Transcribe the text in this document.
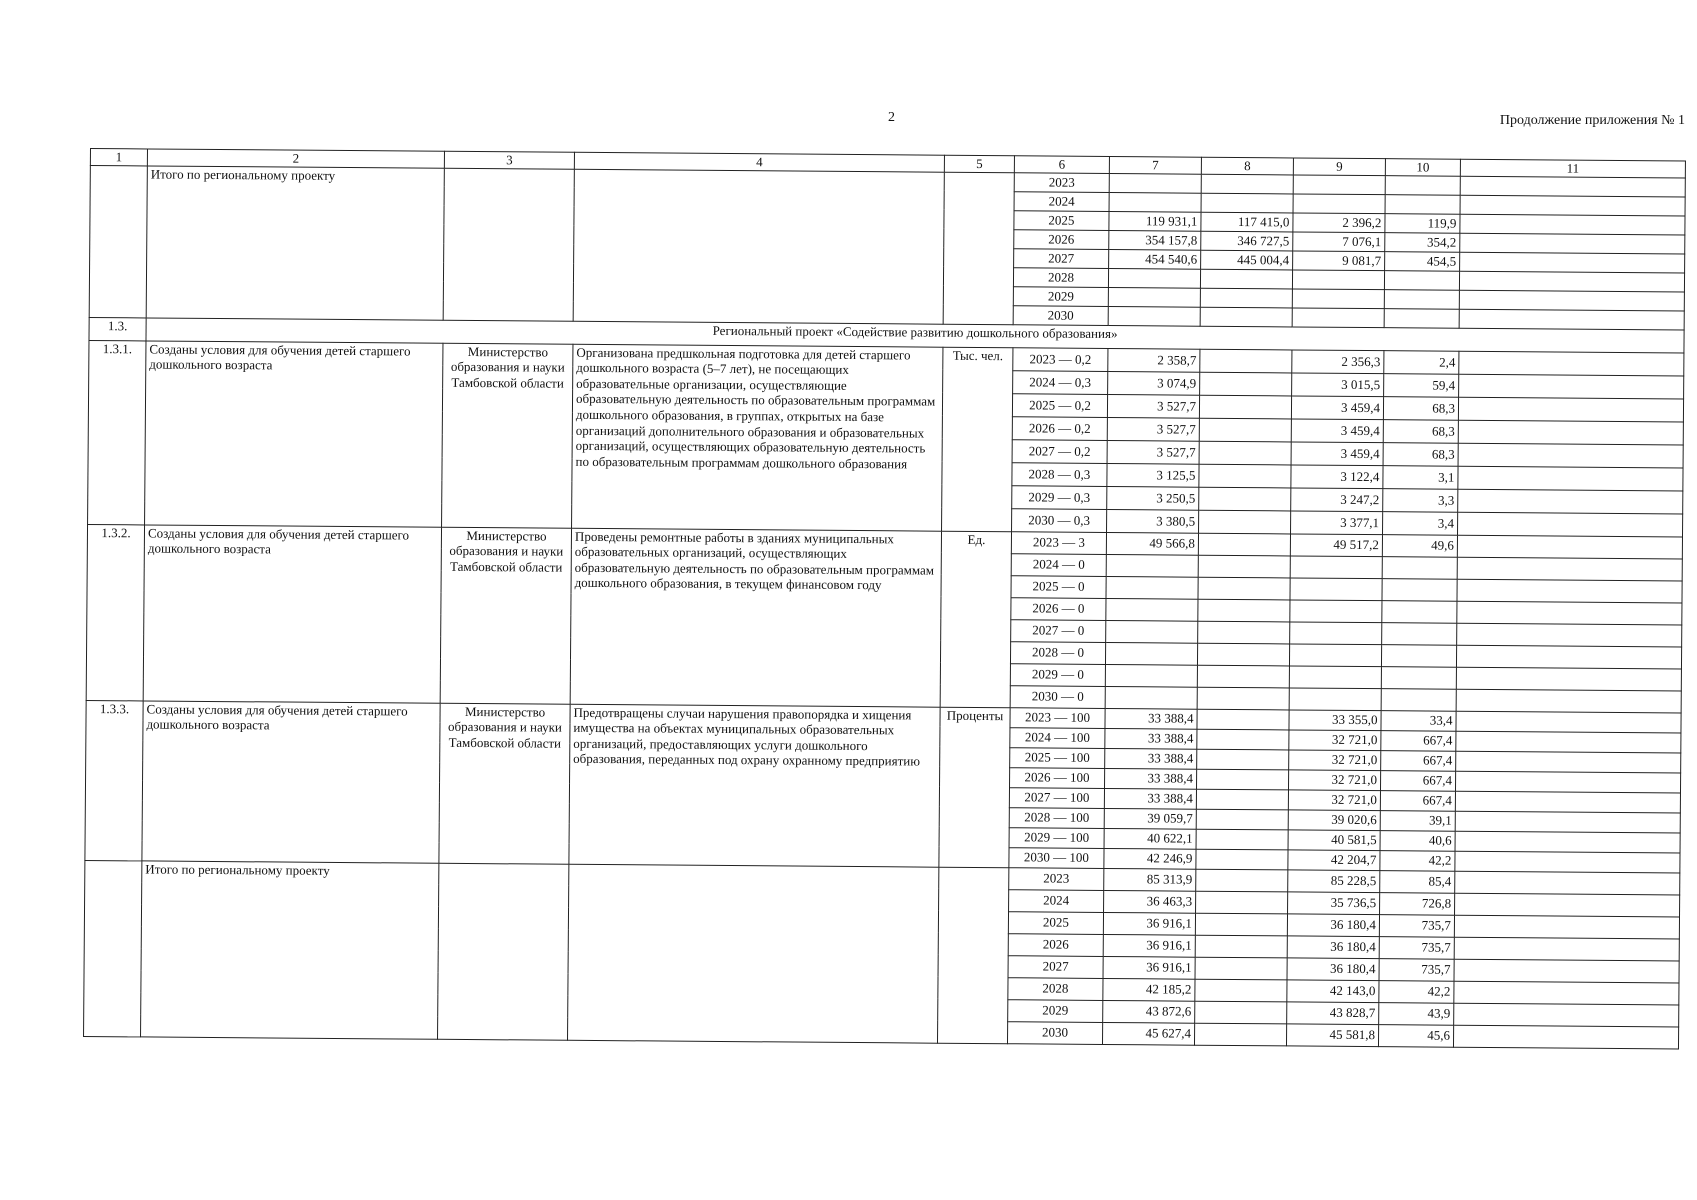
2	Продолжение приложения № 1
1	2	3	4	5	6	7	8	9	10	11
	Итого по региональному проекту				2023					
					2024					
					2025	119 931,1	117 415,0	2 396,2	119,9	
					2026	354 157,8	346 727,5	7 076,1	354,2	
					2027	454 540,6	445 004,4	9 081,7	454,5	
					2028					
					2029					
					2030					
1.3.	Региональный проект «Содействие развитию дошкольного образования»									
1.3.1.	Созданы условия для обучения детей старшего дошкольного возраста	Министерство образования и науки Тамбовской области	Организована предшкольная подготовка для детей старшего дошкольного возраста (5–7 лет), не посещающих образовательные организации, осуществляющие образовательную деятельность по образовательным программам дошкольного образования, в группах, открытых на базе организаций дополнительного образования и образовательных организаций, осуществляющих образовательную деятельность по образовательным программам дошкольного образования	Тыс. чел.	2023 — 0,2	2 358,7		2 356,3	2,4	
					2024 — 0,3	3 074,9		3 015,5	59,4	
					2025 — 0,2	3 527,7		3 459,4	68,3	
					2026 — 0,2	3 527,7		3 459,4	68,3	
					2027 — 0,2	3 527,7		3 459,4	68,3	
					2028 — 0,3	3 125,5		3 122,4	3,1	
					2029 — 0,3	3 250,5		3 247,2	3,3	
					2030 — 0,3	3 380,5		3 377,1	3,4	
1.3.2.	Созданы условия для обучения детей старшего дошкольного возраста	Министерство образования и науки Тамбовской области	Проведены ремонтные работы в зданиях муниципальных образовательных организаций, осуществляющих образовательную деятельность по образовательным программам дошкольного образования, в текущем финансовом году	Ед.	2023 — 3	49 566,8		49 517,2	49,6	
					2024 — 0					
					2025 — 0					
					2026 — 0					
					2027 — 0					
					2028 — 0					
					2029 — 0					
					2030 — 0					
1.3.3.	Созданы условия для обучения детей старшего дошкольного возраста	Министерство образования и науки Тамбовской области	Предотвращены случаи нарушения правопорядка и хищения имущества на объектах муниципальных образовательных организаций, предоставляющих услуги дошкольного образования, переданных под охрану охранному предприятию	Проценты	2023 — 100	33 388,4		33 355,0	33,4	
					2024 — 100	33 388,4		32 721,0	667,4	
					2025 — 100	33 388,4		32 721,0	667,4	
					2026 — 100	33 388,4		32 721,0	667,4	
					2027 — 100	33 388,4		32 721,0	667,4	
					2028 — 100	39 059,7		39 020,6	39,1	
					2029 — 100	40 622,1		40 581,5	40,6	
					2030 — 100	42 246,9		42 204,7	42,2	
	Итого по региональному проекту				2023	85 313,9		85 228,5	85,4	
					2024	36 463,3		35 736,5	726,8	
					2025	36 916,1		36 180,4	735,7	
					2026	36 916,1		36 180,4	735,7	
					2027	36 916,1		36 180,4	735,7	
					2028	42 185,2		42 143,0	42,2	
					2029	43 872,6		43 828,7	43,9	
					2030	45 627,4		45 581,8	45,6	
